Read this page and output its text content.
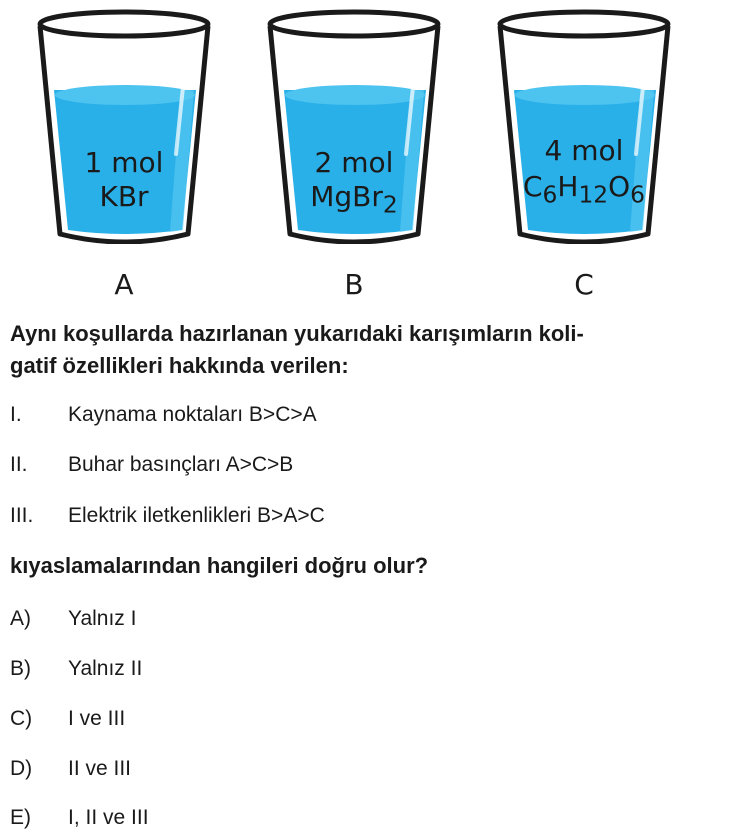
1 mol
KBr
2 mol
MgBr$_2$
4 mol
$C_6H_{12}O_6$
A	B	C
Aynı koşullarda hazırlanan yukarıdaki karışımların koli-
gatif özellikleri hakkında verilen:
I. Kaynama noktaları B>C>A
II. Buhar basınçları A>C>B
III. Elektrik iletkenlikleri B>A>C
kıyaslamalarından hangileri doğru olur?
A) Yalnız I
B) Yalnız II
C) I ve III
D) II ve III
E) I, II ve III
